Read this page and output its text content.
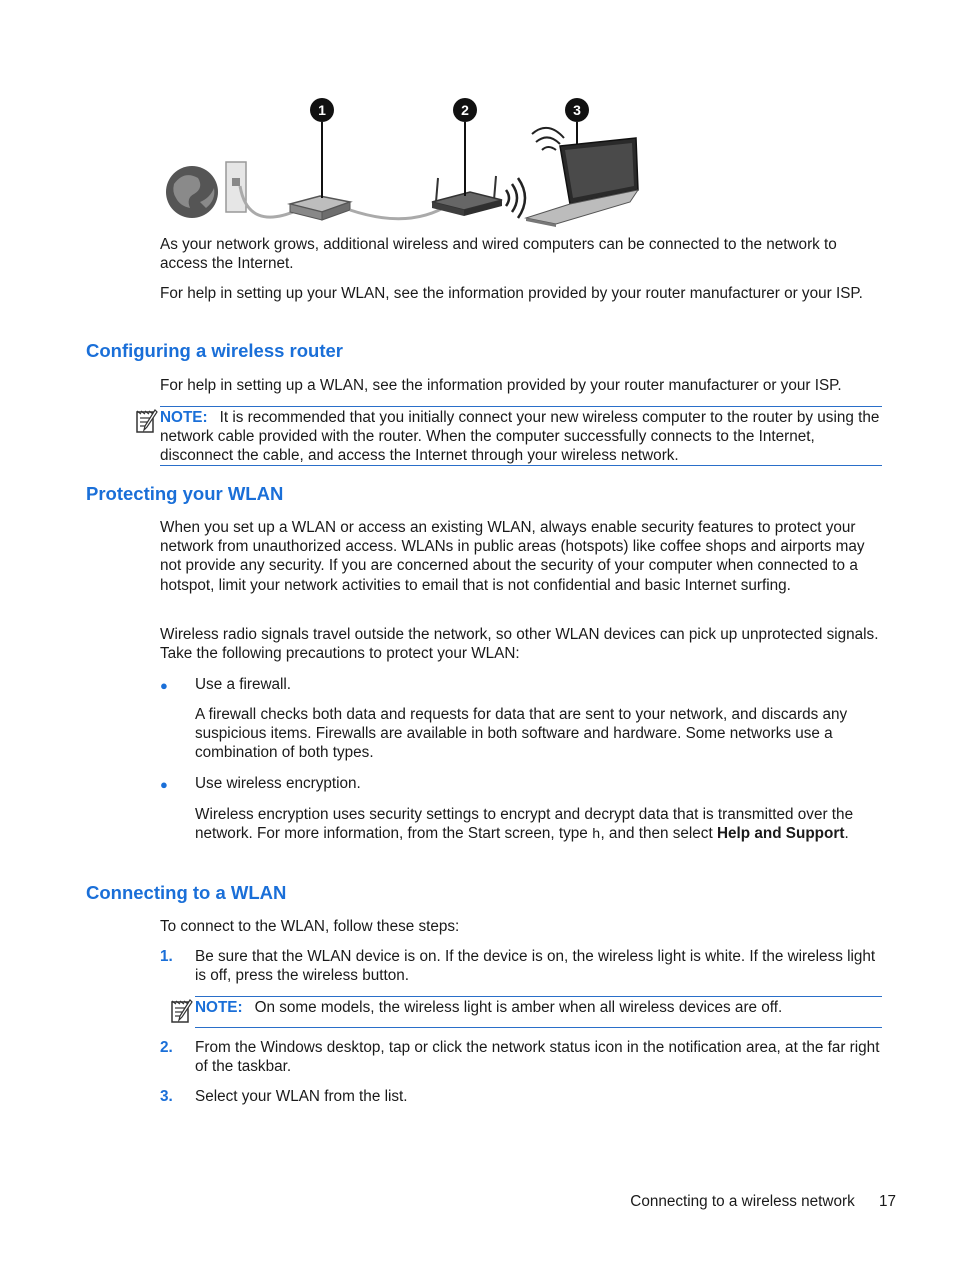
1	2	3

As your network grows, additional wireless and wired computers can be connected to the network to access the Internet.

For help in setting up your WLAN, see the information provided by your router manufacturer or your ISP.

Configuring a wireless router

For help in setting up a WLAN, see the information provided by your router manufacturer or your ISP.

NOTE: It is recommended that you initially connect your new wireless computer to the router by using the network cable provided with the router. When the computer successfully connects to the Internet, disconnect the cable, and access the Internet through your wireless network.

Protecting your WLAN

When you set up a WLAN or access an existing WLAN, always enable security features to protect your network from unauthorized access. WLANs in public areas (hotspots) like coffee shops and airports may not provide any security. If you are concerned about the security of your computer when connected to a hotspot, limit your network activities to email that is not confidential and basic Internet surfing.

Wireless radio signals travel outside the network, so other WLAN devices can pick up unprotected signals. Take the following precautions to protect your WLAN:

● Use a firewall.

A firewall checks both data and requests for data that are sent to your network, and discards any suspicious items. Firewalls are available in both software and hardware. Some networks use a combination of both types.

● Use wireless encryption.

Wireless encryption uses security settings to encrypt and decrypt data that is transmitted over the network. For more information, from the Start screen, type h, and then select Help and Support.

Connecting to a WLAN

To connect to the WLAN, follow these steps:

1. Be sure that the WLAN device is on. If the device is on, the wireless light is white. If the wireless light is off, press the wireless button.

NOTE: On some models, the wireless light is amber when all wireless devices are off.

2. From the Windows desktop, tap or click the network status icon in the notification area, at the far right of the taskbar.

3. Select your WLAN from the list.

Connecting to a wireless network 17
